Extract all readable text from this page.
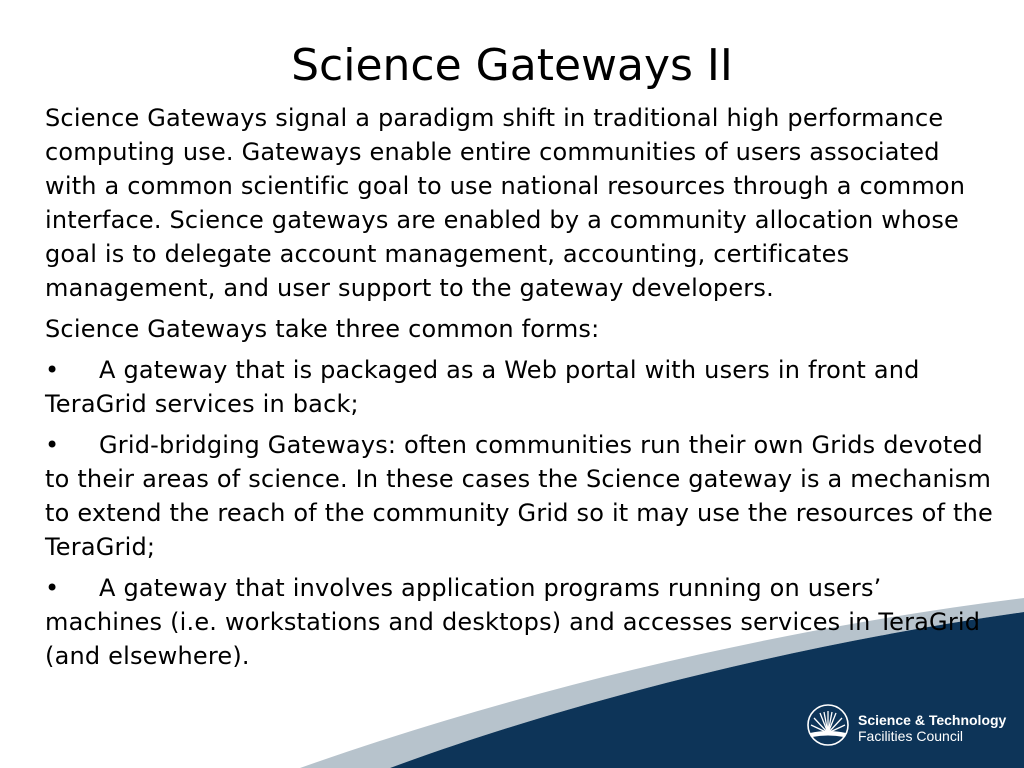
Science Gateways II

Science Gateways signal a paradigm shift in traditional high performance computing use. Gateways enable entire communities of users associated with a common scientific goal to use national resources through a common interface. Science gateways are enabled by a community allocation whose goal is to delegate account management, accounting, certificates management, and user support to the gateway developers.

Science Gateways take three common forms:

• A gateway that is packaged as a Web portal with users in front and TeraGrid services in back;

• Grid-bridging Gateways: often communities run their own Grids devoted to their areas of science. In these cases the Science gateway is a mechanism to extend the reach of the community Grid so it may use the resources of the TeraGrid;

• A gateway that involves application programs running on users’ machines (i.e. workstations and desktops) and accesses services in TeraGrid (and elsewhere).

Science & Technology
Facilities Council
